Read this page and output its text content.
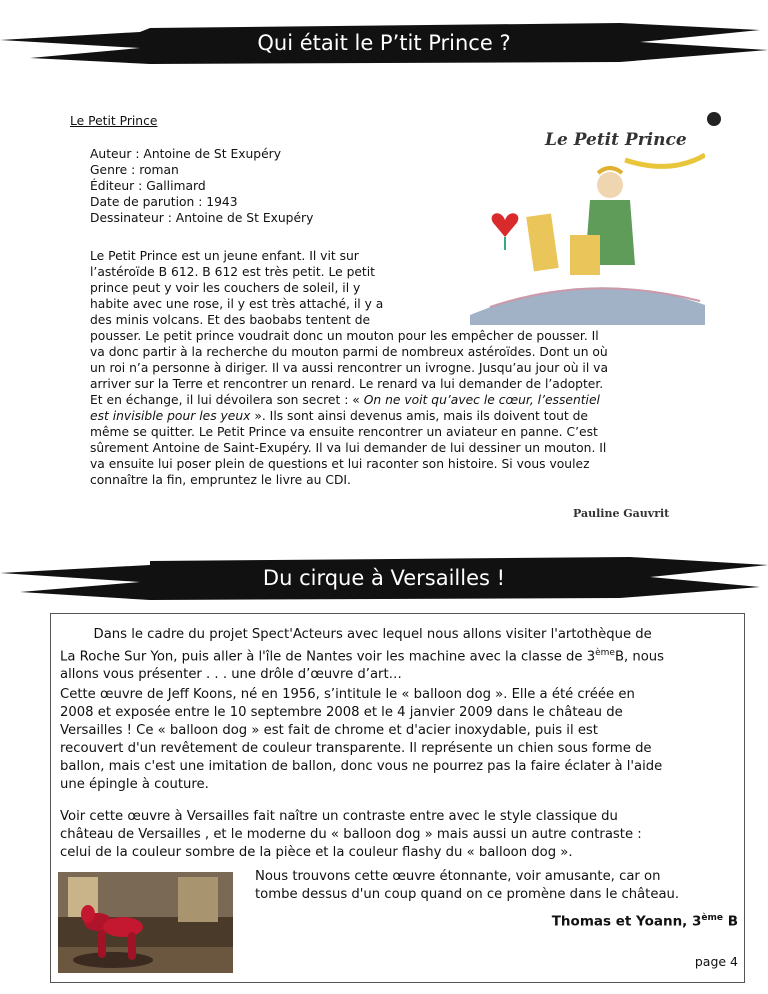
Qui était le P’tit Prince ?
Le Petit Prince
Auteur : Antoine de St Exupéry
Genre : roman
Éditeur : Gallimard
Date de parution : 1943
Dessinateur : Antoine de St Exupéry
Le Petit Prince
Le Petit Prince est un jeune enfant. Il vit sur
l’astéroïde B 612. B 612 est très petit. Le petit
prince peut y voir les couchers de soleil, il y
habite avec une rose, il y est très attaché, il y a
des minis volcans. Et des baobabs tentent de
pousser. Le petit prince voudrait donc un mouton pour les empêcher de pousser. Il
va donc partir à la recherche du mouton parmi de nombreux astéroïdes. Dont un où
un roi n’a personne à diriger. Il va aussi rencontrer un ivrogne. Jusqu’au jour où il va
arriver sur la Terre et rencontrer un renard. Le renard va lui demander de l’adopter.
Et en échange, il lui dévoilera son secret : « On ne voit qu’avec le cœur, l’essentiel
est invisible pour les yeux ». Ils sont ainsi devenus amis, mais ils doivent tout de
même se quitter. Le Petit Prince va ensuite rencontrer un aviateur en panne. C’est
sûrement Antoine de Saint-Exupéry. Il va lui demander de lui dessiner un mouton. Il
va ensuite lui poser plein de questions et lui raconter son histoire. Si vous voulez
connaître la fin, empruntez le livre au CDI.
Pauline Gauvrit
Du cirque à Versailles !
Dans le cadre du projet Spect'Acteurs avec lequel nous allons visiter l'artothèque de
La Roche Sur Yon, puis aller à l'île de Nantes voir les machine avec la classe de 3èmeB, nous
allons vous présenter . . . une drôle d’œuvre d’art…
Cette œuvre de Jeff Koons, né en 1956, s’intitule le « balloon dog ». Elle a été créée en
2008 et exposée entre le 10 septembre 2008 et le 4 janvier 2009 dans le château de
Versailles ! Ce « balloon dog » est fait de chrome et d'acier inoxydable, puis il est
recouvert d'un revêtement de couleur transparente. Il représente un chien sous forme de
ballon, mais c'est une imitation de ballon, donc vous ne pourrez pas la faire éclater à l'aide
une épingle à couture.
Voir cette œuvre à Versailles fait naître un contraste entre avec le style classique du
château de Versailles , et le moderne du « balloon dog » mais aussi un autre contraste :
celui de la couleur sombre de la pièce et la couleur flashy du « balloon dog ».
Nous trouvons cette œuvre étonnante, voir amusante, car on
tombe dessus d'un coup quand on ce promène dans le château.
Thomas et Yoann, 3ème B
page 4
